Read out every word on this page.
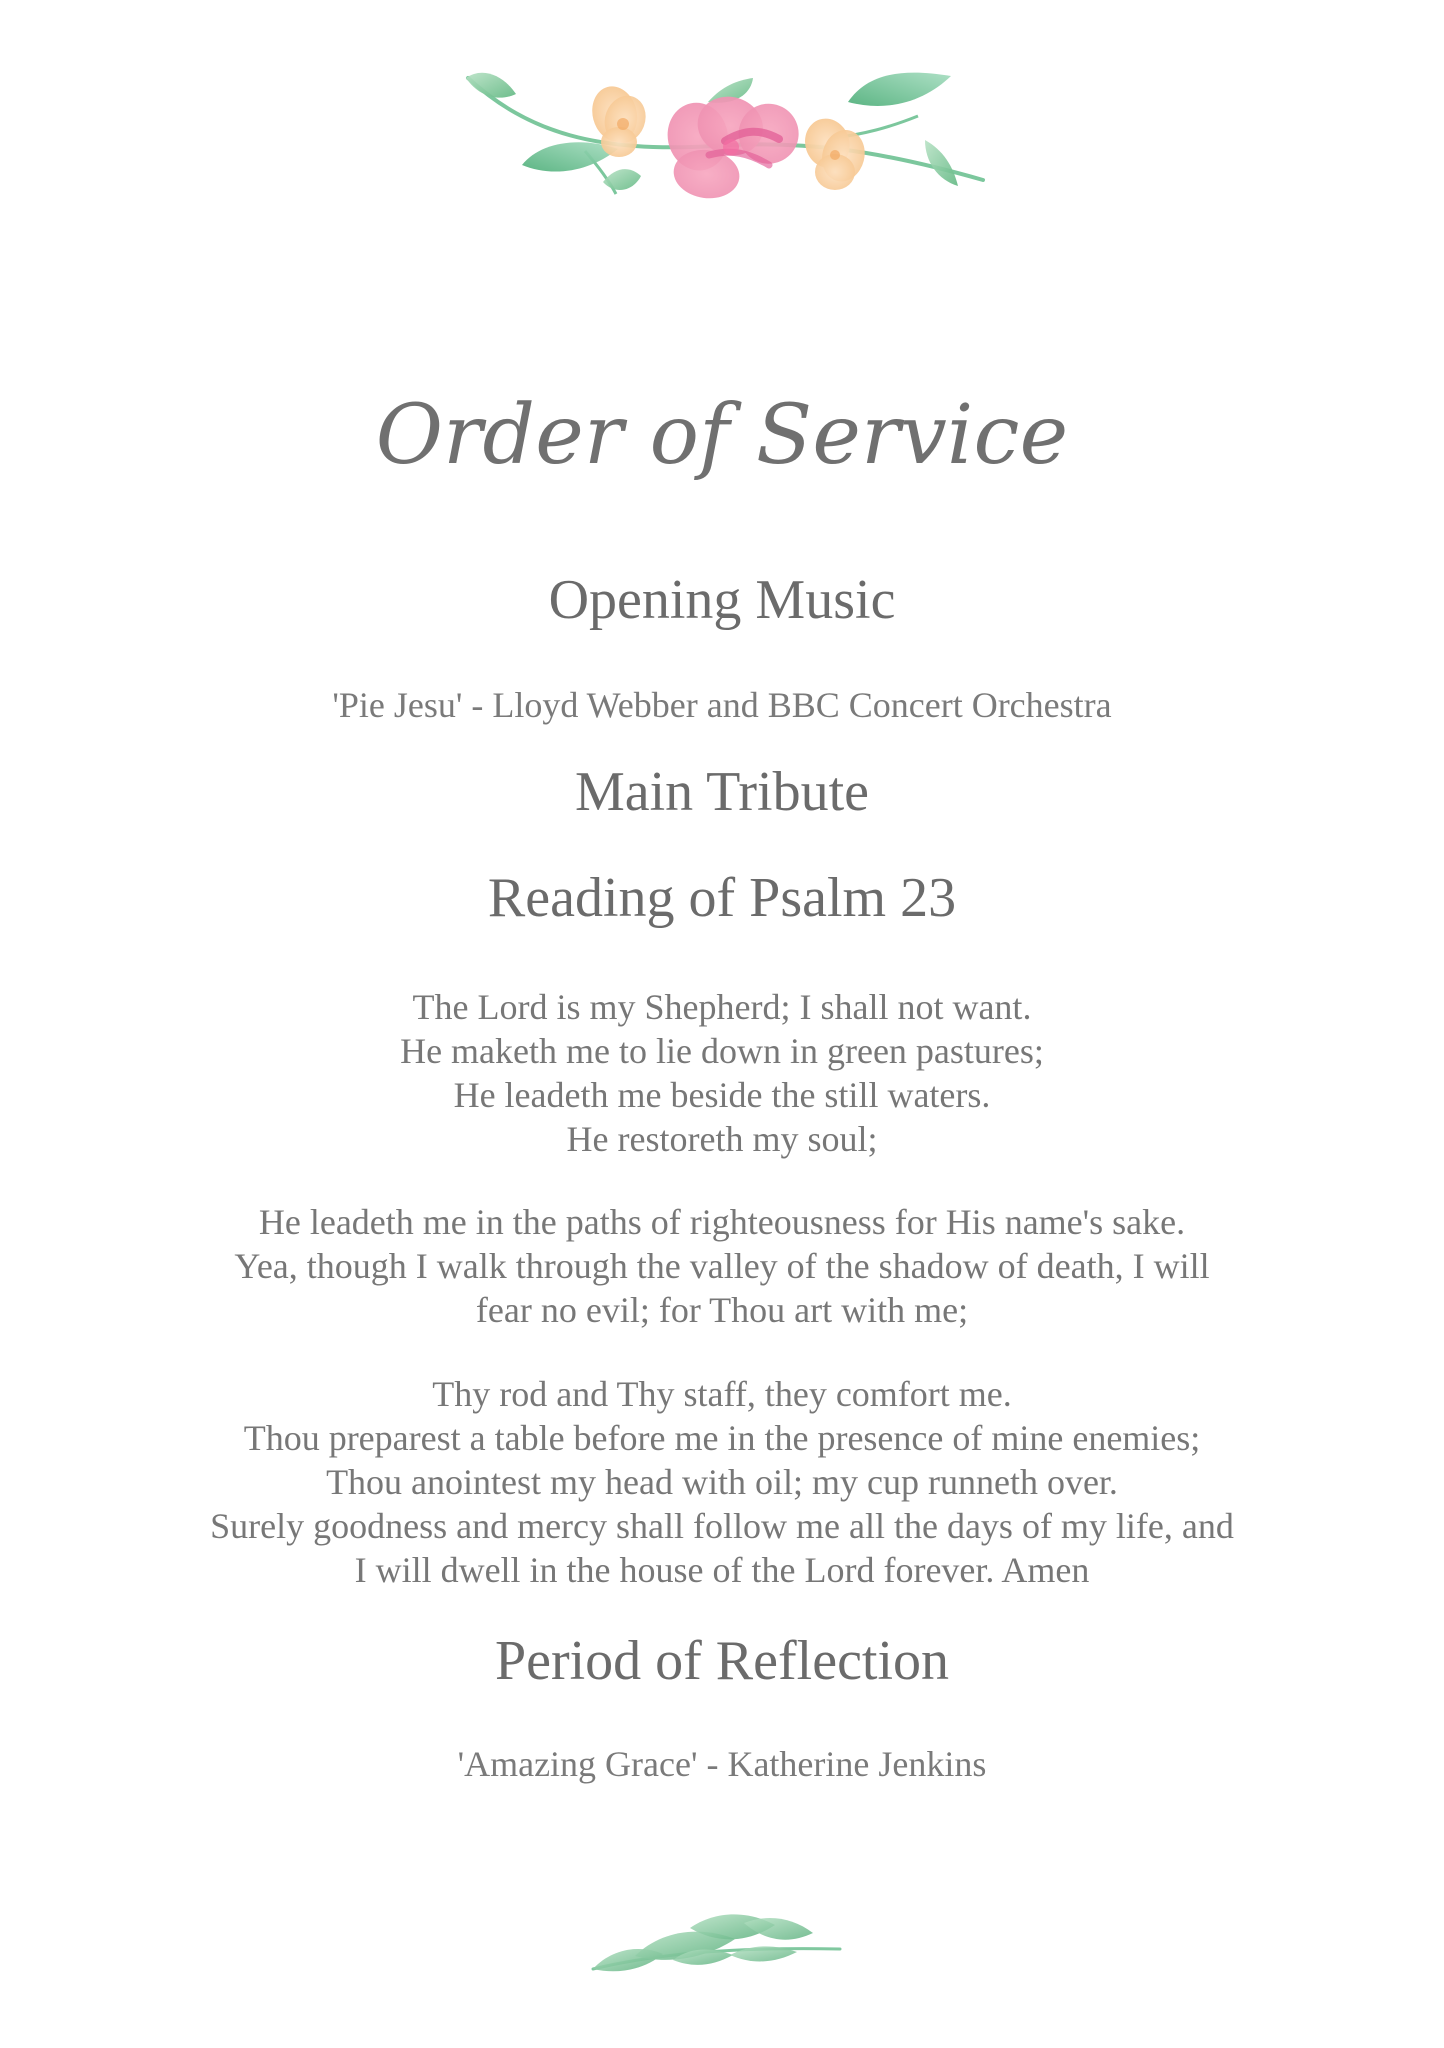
Order of Service
Opening Music
'Pie Jesu' - Lloyd Webber and BBC Concert Orchestra
Main Tribute
Reading of Psalm 23
The Lord is my Shepherd; I shall not want.
He maketh me to lie down in green pastures;
He leadeth me beside the still waters.
He restoreth my soul;
He leadeth me in the paths of righteousness for His name's sake.
Yea, though I walk through the valley of the shadow of death, I will
fear no evil; for Thou art with me;
Thy rod and Thy staff, they comfort me.
Thou preparest a table before me in the presence of mine enemies;
Thou anointest my head with oil; my cup runneth over.
Surely goodness and mercy shall follow me all the days of my life, and
I will dwell in the house of the Lord forever. Amen
Period of Reflection
'Amazing Grace' - Katherine Jenkins
